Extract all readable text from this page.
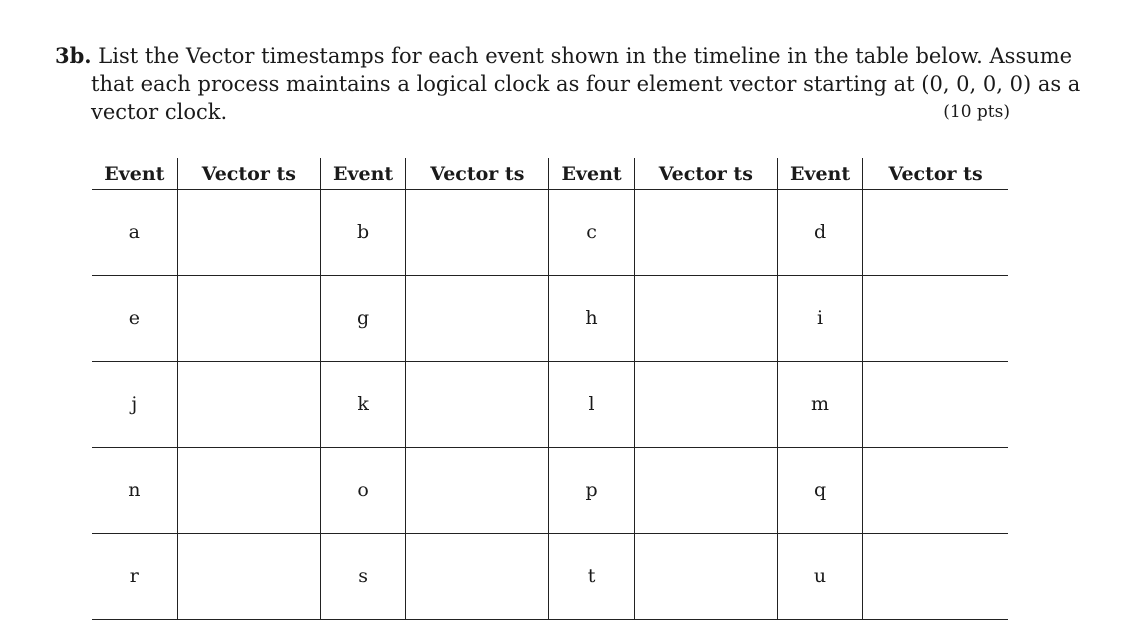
3b. List the Vector timestamps for each event shown in the timeline in the table below. Assume
that each process maintains a logical clock as four element vector starting at (0, 0, 0, 0) as a
vector clock.	(10 pts)
Event	Vector ts	Event	Vector ts	Event	Vector ts	Event	Vector ts

a		b		c		d	

e		g		h		i	

j		k		l		m	

n		o		p		q	

r		s		t		u	
